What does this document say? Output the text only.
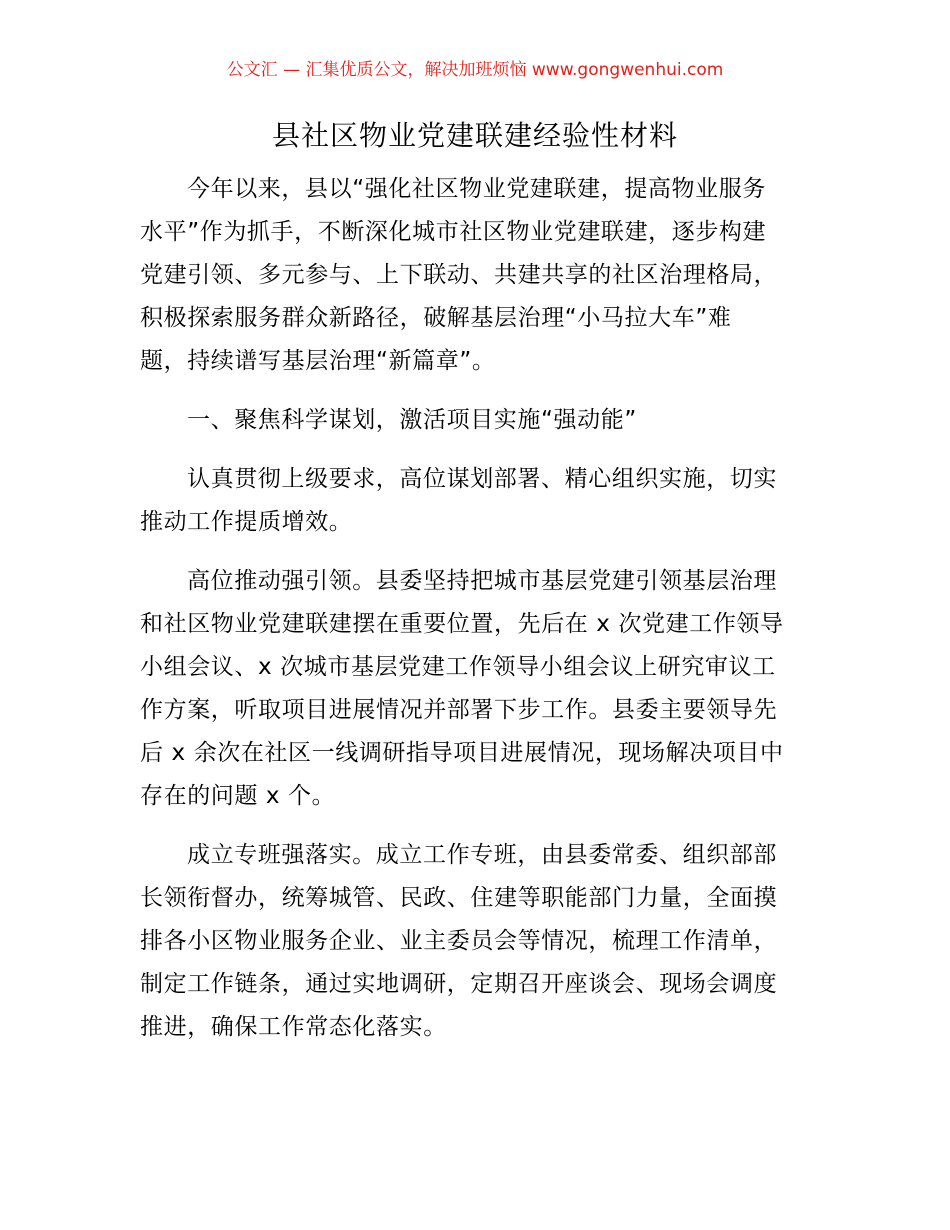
公文汇 — 汇集优质公文，解决加班烦恼 www.gongwenhui.com
县社区物业党建联建经验性材料

今年以来，县以“强化社区物业党建联建，提高物业服务
水平”作为抓手，不断深化城市社区物业党建联建，逐步构建
党建引领、多元参与、上下联动、共建共享的社区治理格局，
积极探索服务群众新路径，破解基层治理“小马拉大车”难
题，持续谱写基层治理“新篇章”。

一、聚焦科学谋划，激活项目实施“强动能”

认真贯彻上级要求，高位谋划部署、精心组织实施，切实
推动工作提质增效。

高位推动强引领。县委坚持把城市基层党建引领基层治理
和社区物业党建联建摆在重要位置，先后在 x 次党建工作领导
小组会议、x 次城市基层党建工作领导小组会议上研究审议工
作方案，听取项目进展情况并部署下步工作。县委主要领导先
后 x 余次在社区一线调研指导项目进展情况，现场解决项目中
存在的问题 x 个。

成立专班强落实。成立工作专班，由县委常委、组织部部
长领衔督办，统筹城管、民政、住建等职能部门力量，全面摸
排各小区物业服务企业、业主委员会等情况，梳理工作清单，
制定工作链条，通过实地调研，定期召开座谈会、现场会调度
推进，确保工作常态化落实。
